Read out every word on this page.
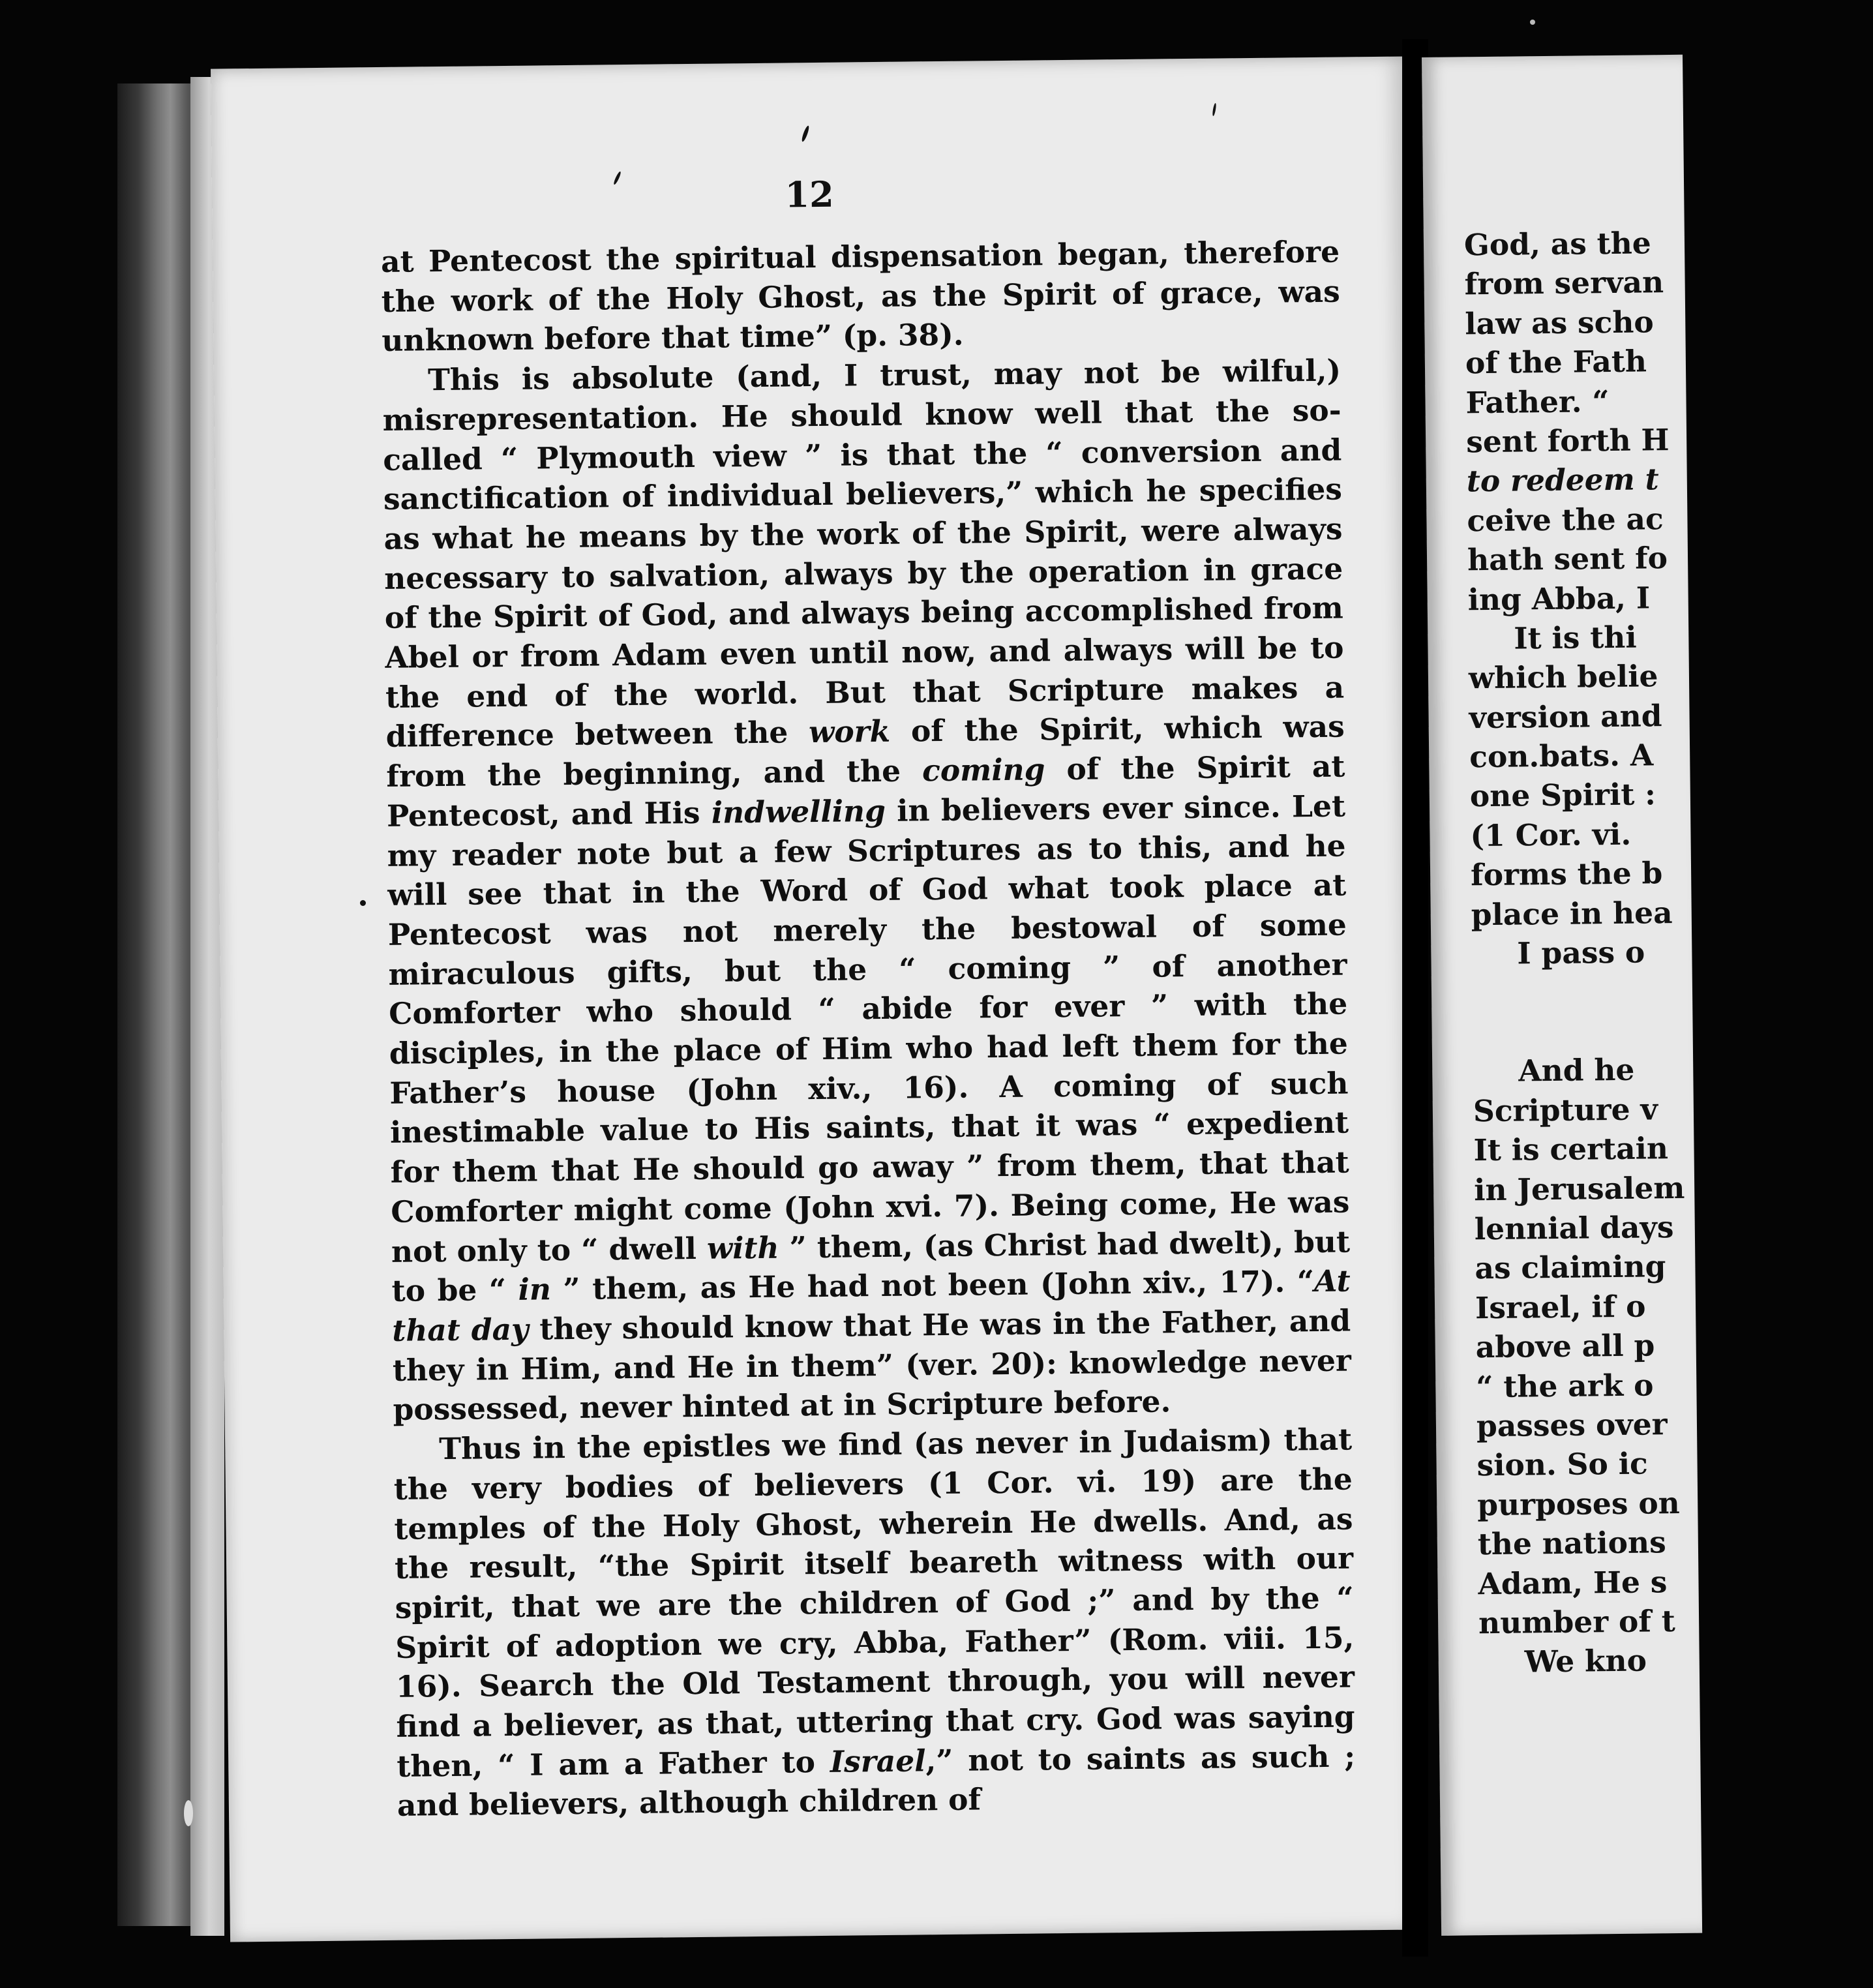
12

at Pentecost the spiritual dispensation began, therefore the work of the Holy Ghost, as the Spirit of grace, was unknown before that time” (p. 38).

This is absolute (and, I trust, may not be wilful,) misrepresentation. He should know well that the so-called “ Plymouth view ” is that the “ conversion and sanctification of individual believers,” which he specifies as what he means by the work of the Spirit, were always necessary to salvation, always by the operation in grace of the Spirit of God, and always being accomplished from Abel or from Adam even until now, and always will be to the end of the world. But that Scripture makes a difference between the work of the Spirit, which was from the beginning, and the coming of the Spirit at Pentecost, and His indwelling in believers ever since. Let my reader note but a few Scriptures as to this, and he will see that in the Word of God what took place at Pentecost was not merely the bestowal of some miraculous gifts, but the “ coming ” of another Comforter who should “ abide for ever ” with the disciples, in the place of Him who had left them for the Father’s house (John xiv., 16). A coming of such inestimable value to His saints, that it was “ expedient for them that He should go away ” from them, that that Comforter might come (John xvi. 7). Being come, He was not only to “ dwell with ” them, (as Christ had dwelt), but to be “ in ” them, as He had not been (John xiv., 17). “At that day they should know that He was in the Father, and they in Him, and He in them” (ver. 20): knowledge never possessed, never hinted at in Scripture before.

Thus in the epistles we find (as never in Judaism) that the very bodies of believers (1 Cor. vi. 19) are the temples of the Holy Ghost, wherein He dwells. And, as the result, “the Spirit itself beareth witness with our spirit, that we are the children of God ;” and by the “ Spirit of adoption we cry, Abba, Father” (Rom. viii. 15, 16). Search the Old Testament through, you will never find a believer, as that, uttering that cry. God was saying then, “ I am a Father to Israel,” not to saints as such ; and believers, although children of

God, as the
from servan
law as scho
of the Fath
Father. “
sent forth H
to redeem t
ceive the ac
hath sent fo
ing Abba, I
It is thi
which belie
version and
con.bats. A
one Spirit :
(1 Cor. vi.
forms the b
place in hea
I pass o
And he
Scripture v
It is certain
in Jerusalem
lennial days
as claiming
Israel, if o
above all p
“ the ark o
passes over
sion. So ic
purposes on
the nations
Adam, He s
number of t
We kno
